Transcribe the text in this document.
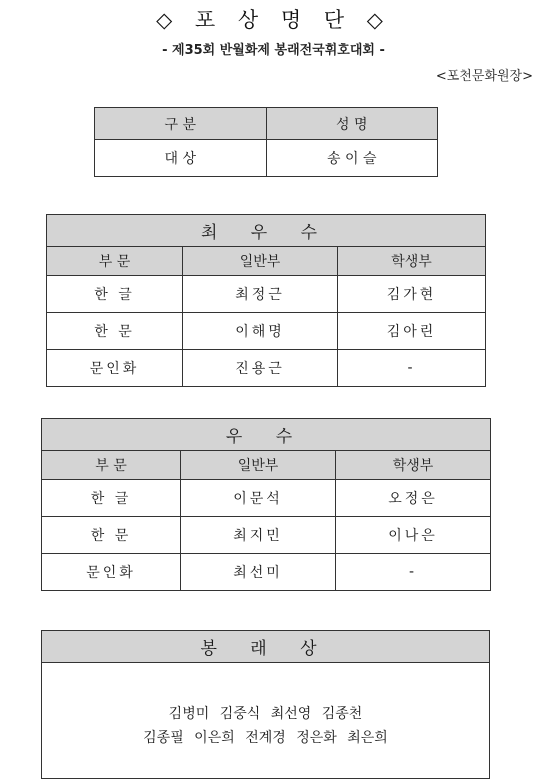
◇ 포 상 명 단 ◇
- 제35회 반월화제 봉래전국휘호대회 -
<포천문화원장>
구 분	성 명
대 상	송 이 슬
최 우 수		
부 문	일반부	학생부
한 글	최정근	김가현
한 문	이해명	김아린
문인화	진용근	-
우 수		
부 문	일반부	학생부
한 글	이문석	오정은
한 문	최지민	이나은
문인화	최선미	-
봉 래 상

김병미 김중식 최선영 김종천
김종필 이은희 전계경 정은화 최은희
